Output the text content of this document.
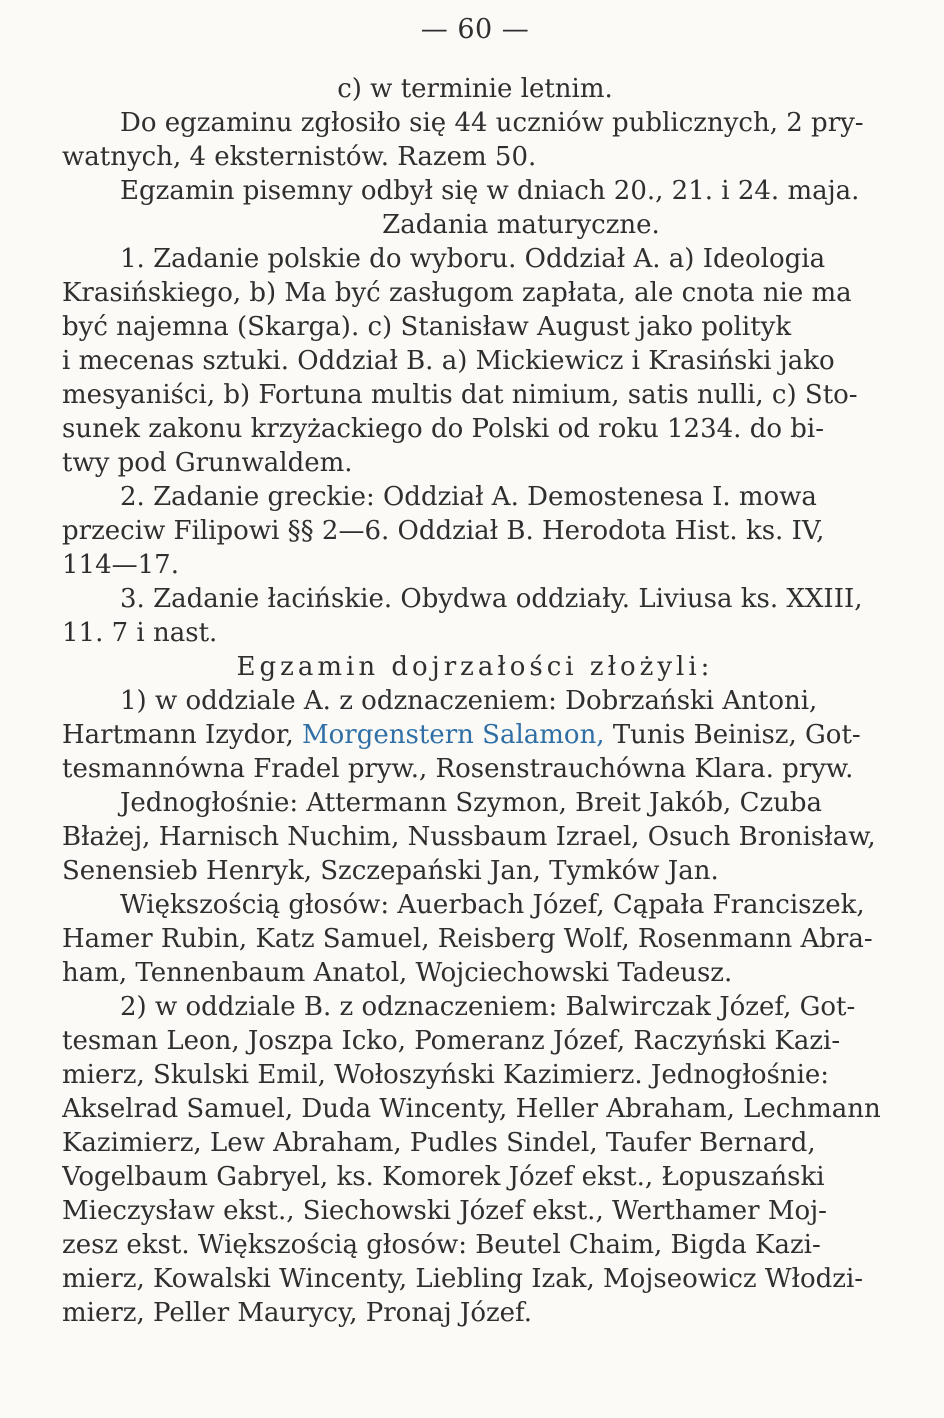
— 60 —
c) w terminie letnim.
Do egzaminu zgłosiło się 44 uczniów publicznych, 2 pry-
watnych, 4 eksternistów. Razem 50.
Egzamin pisemny odbył się w dniach 20., 21. i 24. maja.
Zadania maturyczne.
1. Zadanie polskie do wyboru. Oddział A. a) Ideologia
Krasińskiego, b) Ma być zasługom zapłata, ale cnota nie ma
być najemna (Skarga). c) Stanisław August jako polityk
i mecenas sztuki. Oddział B. a) Mickiewicz i Krasiński jako
mesyaniści, b) Fortuna multis dat nimium, satis nulli, c) Sto-
sunek zakonu krzyżackiego do Polski od roku 1234. do bi-
twy pod Grunwaldem.
2. Zadanie greckie: Oddział A. Demostenesa I. mowa
przeciw Filipowi §§ 2—6. Oddział B. Herodota Hist. ks. IV,
114—17.
3. Zadanie łacińskie. Obydwa oddziały. Liviusa ks. XXIII,
11. 7 i nast.
Egzamin dojrzałości złożyli:
1) w oddziale A. z odznaczeniem: Dobrzański Antoni,
Hartmann Izydor, Morgenstern Salamon, Tunis Beinisz, Got-
tesmannówna Fradel pryw., Rosenstrauchówna Klara. pryw.
Jednogłośnie: Attermann Szymon, Breit Jakób, Czuba
Błażej, Harnisch Nuchim, Nussbaum Izrael, Osuch Bronisław,
Senensieb Henryk, Szczepański Jan, Tymków Jan.
Większością głosów: Auerbach Józef, Cąpała Franciszek,
Hamer Rubin, Katz Samuel, Reisberg Wolf, Rosenmann Abra-
ham, Tennenbaum Anatol, Wojciechowski Tadeusz.
2) w oddziale B. z odznaczeniem: Balwirczak Józef, Got-
tesman Leon, Joszpa Icko, Pomeranz Józef, Raczyński Kazi-
mierz, Skulski Emil, Wołoszyński Kazimierz. Jednogłośnie:
Akselrad Samuel, Duda Wincenty, Heller Abraham, Lechmann
Kazimierz, Lew Abraham, Pudles Sindel, Taufer Bernard,
Vogelbaum Gabryel, ks. Komorek Józef ekst., Łopuszański
Mieczysław ekst., Siechowski Józef ekst., Werthamer Moj-
zesz ekst. Większością głosów: Beutel Chaim, Bigda Kazi-
mierz, Kowalski Wincenty, Liebling Izak, Mojseowicz Włodzi-
mierz, Peller Maurycy, Pronaj Józef.
